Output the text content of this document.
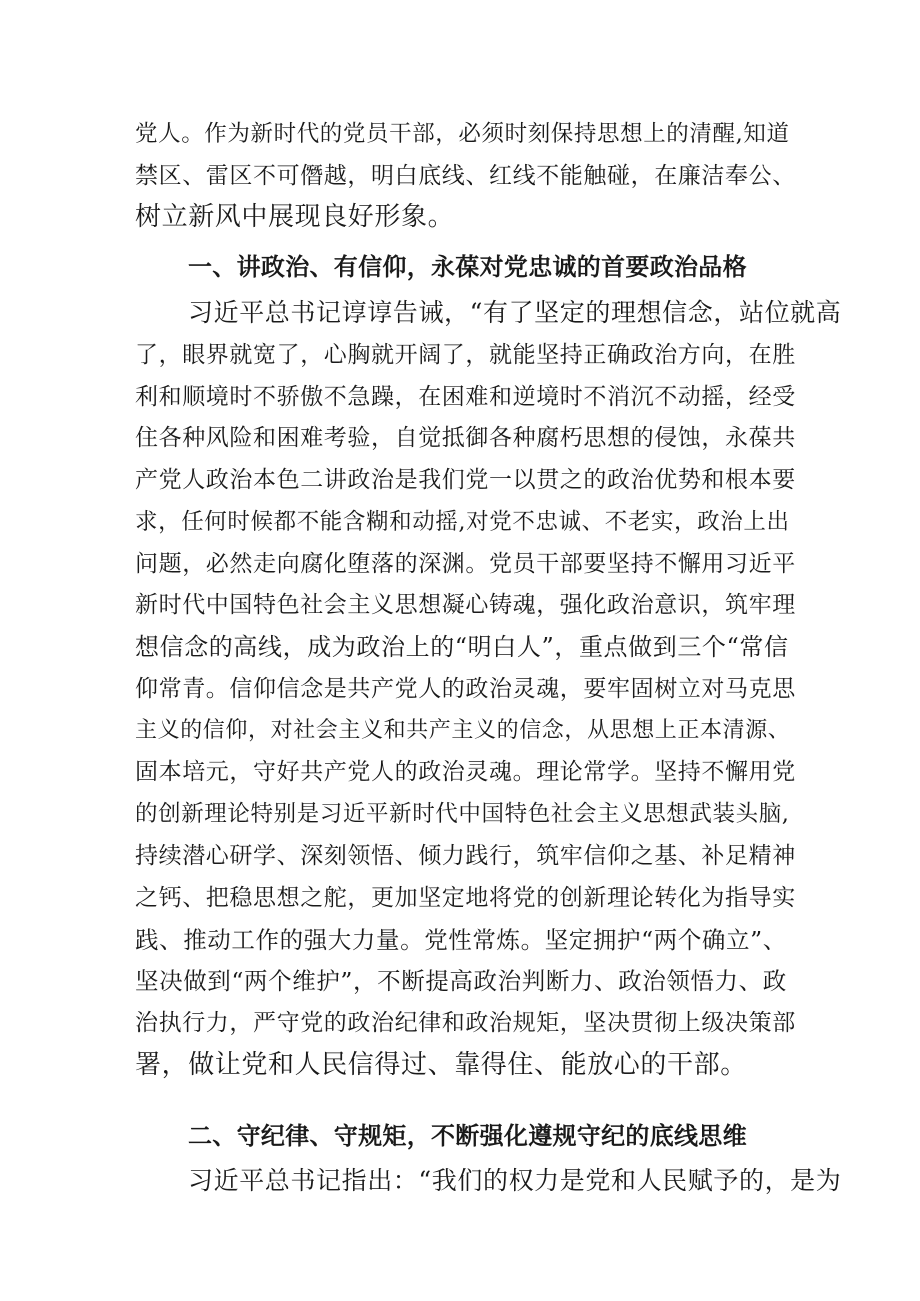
党人。作为新时代的党员干部，必须时刻保持思想上的清醒,知道
禁区、雷区不可僭越，明白底线、红线不能触碰，在廉洁奉公、
树立新风中展现良好形象。
一、讲政治、有信仰，永葆对党忠诚的首要政治品格
习近平总书记谆谆告诫，“有了坚定的理想信念，站位就高
了，眼界就宽了，心胸就开阔了，就能坚持正确政治方向，在胜
利和顺境时不骄傲不急躁，在困难和逆境时不消沉不动摇，经受
住各种风险和困难考验，自觉抵御各种腐朽思想的侵蚀，永葆共
产党人政治本色二讲政治是我们党一以贯之的政治优势和根本要
求，任何时候都不能含糊和动摇,对党不忠诚、不老实，政治上出
问题，必然走向腐化堕落的深渊。党员干部要坚持不懈用习近平
新时代中国特色社会主义思想凝心铸魂，强化政治意识，筑牢理
想信念的高线，成为政治上的“明白人”，重点做到三个“常信
仰常青。信仰信念是共产党人的政治灵魂，要牢固树立对马克思
主义的信仰，对社会主义和共产主义的信念，从思想上正本清源、
固本培元，守好共产党人的政治灵魂。理论常学。坚持不懈用党
的创新理论特别是习近平新时代中国特色社会主义思想武装头脑,
持续潜心研学、深刻领悟、倾力践行，筑牢信仰之基、补足精神
之钙、把稳思想之舵，更加坚定地将党的创新理论转化为指导实
践、推动工作的强大力量。党性常炼。坚定拥护“两个确立”、
坚决做到“两个维护”，不断提高政治判断力、政治领悟力、政
治执行力，严守党的政治纪律和政治规矩，坚决贯彻上级决策部
署，做让党和人民信得过、靠得住、能放心的干部。
二、守纪律、守规矩，不断强化遵规守纪的底线思维
习近平总书记指出：“我们的权力是党和人民赋予的，是为
